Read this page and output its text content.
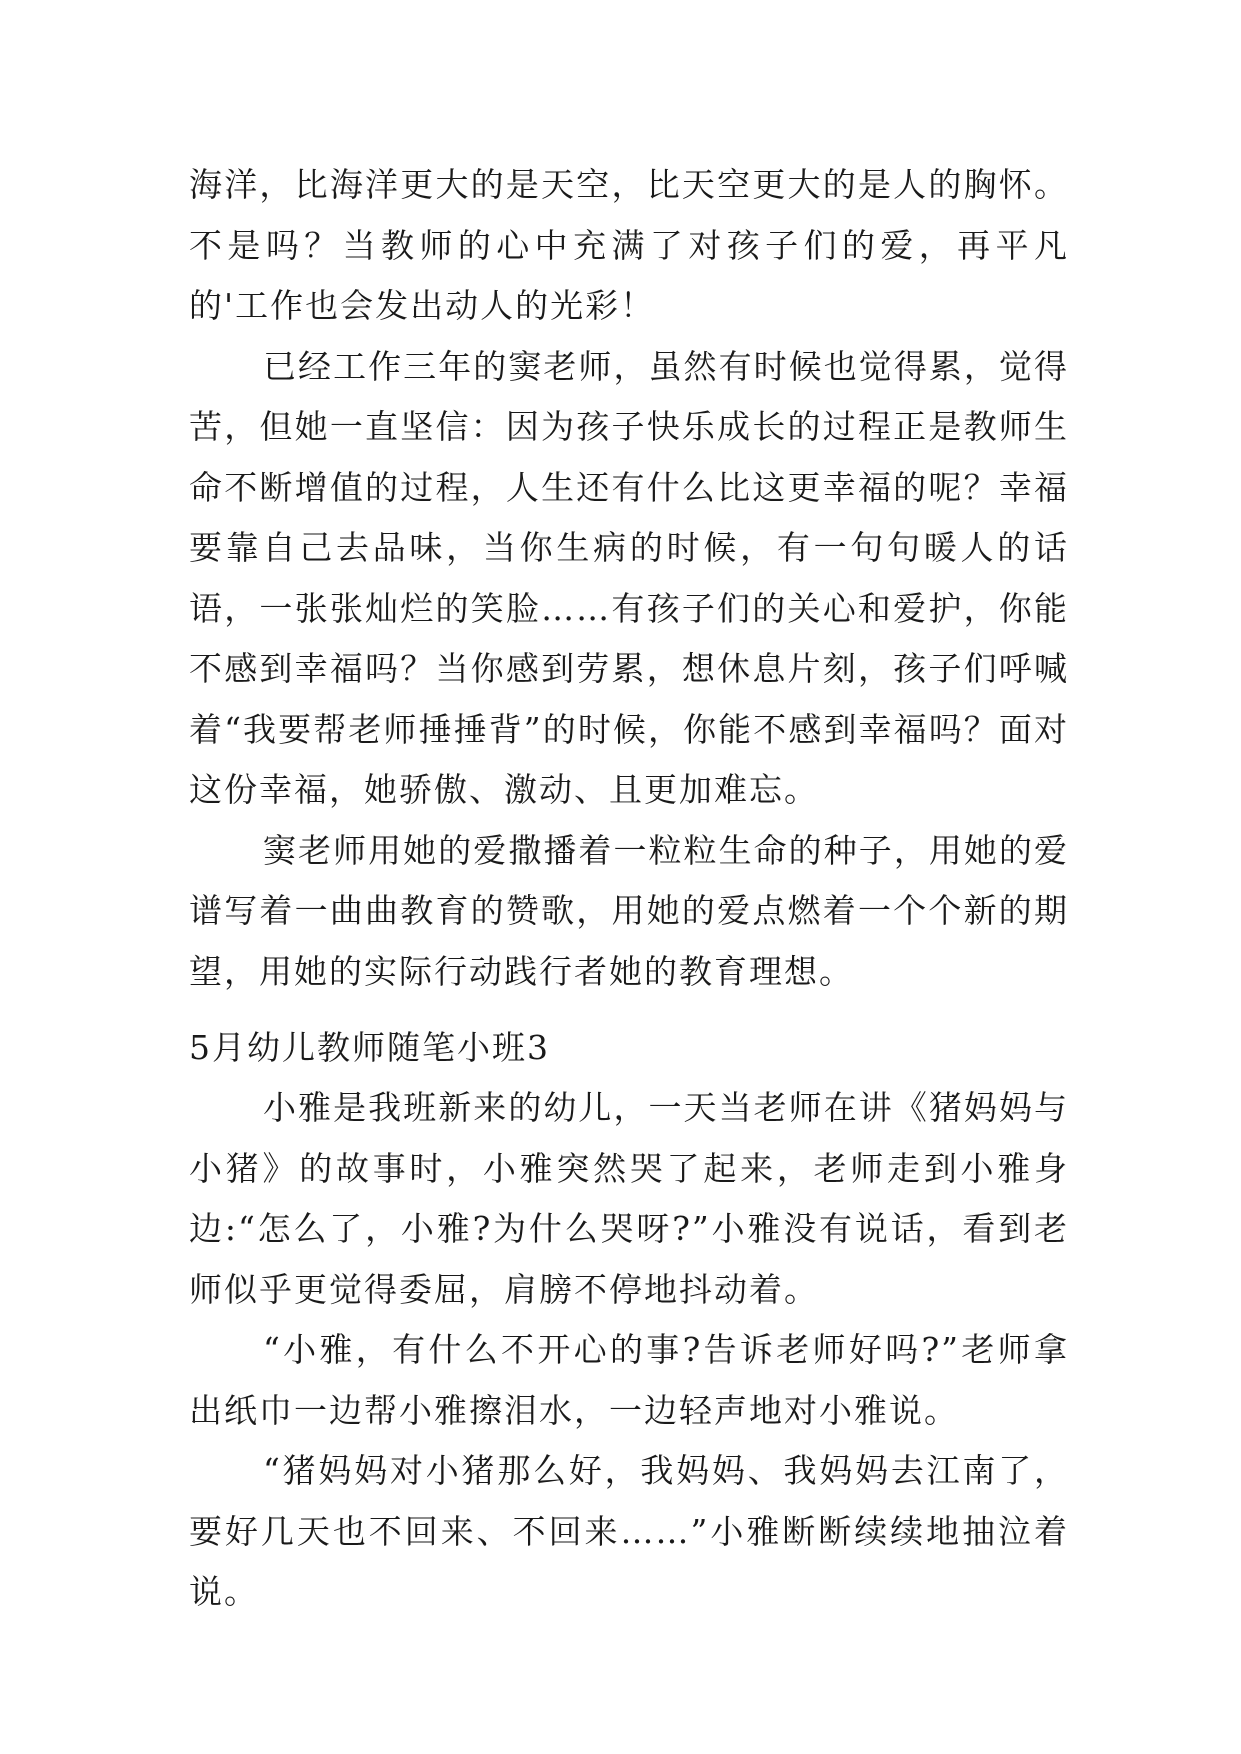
海洋，比海洋更大的是天空，比天空更大的是人的胸怀。不是吗？当教师的心中充满了对孩子们的爱，再平凡的'工作也会发出动人的光彩！

已经工作三年的窦老师，虽然有时候也觉得累，觉得苦，但她一直坚信：因为孩子快乐成长的过程正是教师生命不断增值的过程，人生还有什么比这更幸福的呢？幸福要靠自己去品味，当你生病的时候，有一句句暖人的话语，一张张灿烂的笑脸……有孩子们的关心和爱护，你能不感到幸福吗？当你感到劳累，想休息片刻，孩子们呼喊着“我要帮老师捶捶背”的时候，你能不感到幸福吗？面对这份幸福，她骄傲、激动、且更加难忘。

窦老师用她的爱撒播着一粒粒生命的种子，用她的爱谱写着一曲曲教育的赞歌，用她的爱点燃着一个个新的期望，用她的实际行动践行者她的教育理想。

5月幼儿教师随笔小班3

小雅是我班新来的幼儿，一天当老师在讲《猪妈妈与小猪》的故事时，小雅突然哭了起来，老师走到小雅身边:“怎么了，小雅?为什么哭呀?”小雅没有说话，看到老师似乎更觉得委屈，肩膀不停地抖动着。

“小雅，有什么不开心的事?告诉老师好吗?”老师拿出纸巾一边帮小雅擦泪水，一边轻声地对小雅说。

“猪妈妈对小猪那么好，我妈妈、我妈妈去江南了，要好几天也不回来、不回来……”小雅断断续续地抽泣着说。
